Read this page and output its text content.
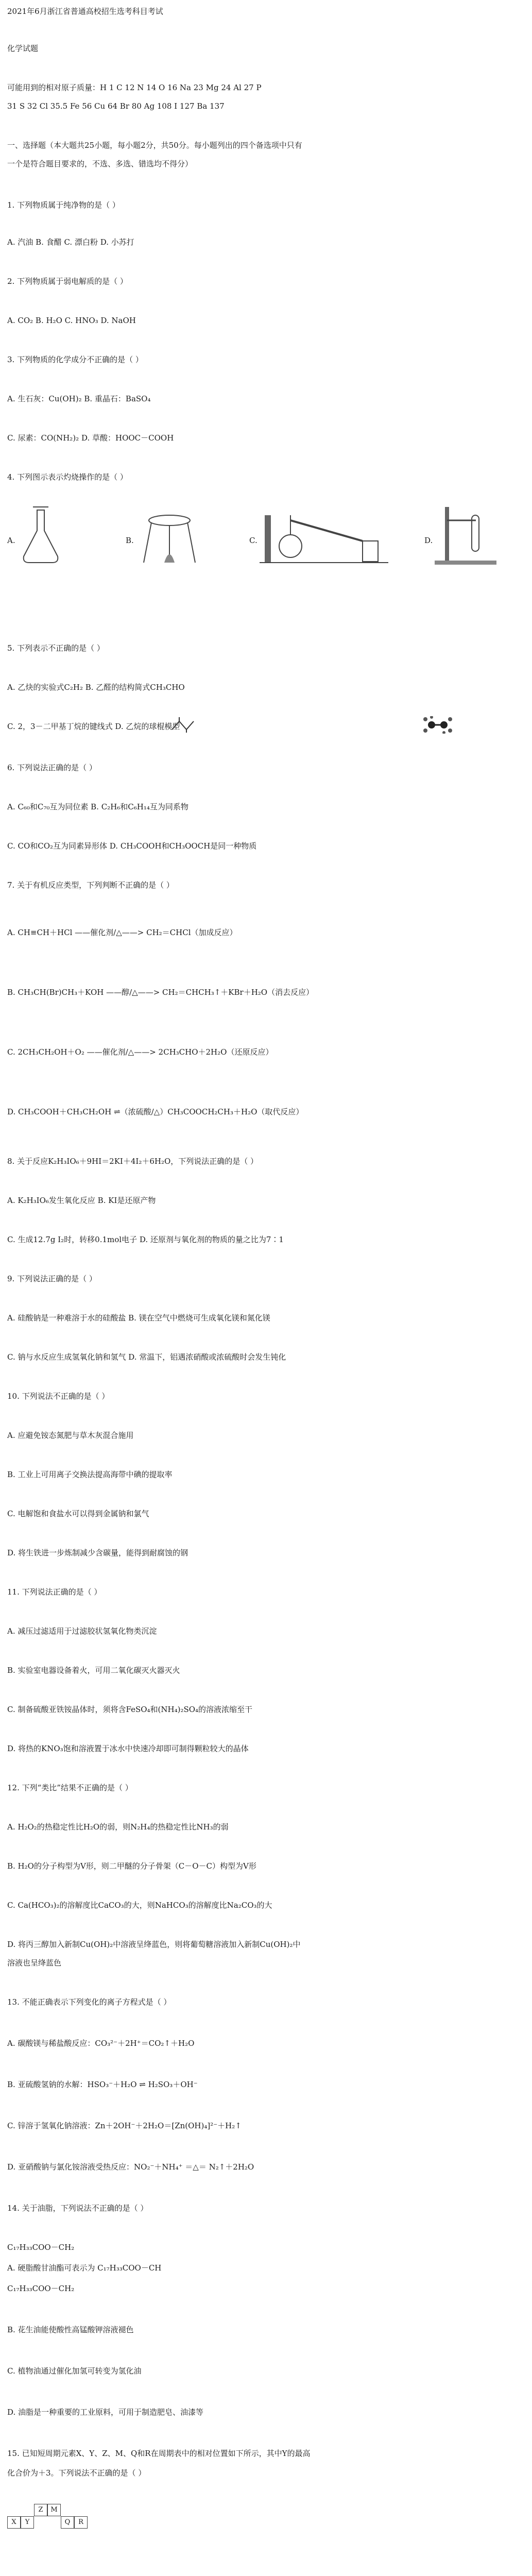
2021年6月浙江省普通高校招生选考科目考试
化学试题
可能用到的相对原子质量：H 1 C 12 N 14 O 16 Na 23 Mg 24 Al 27 P
31 S 32 Cl 35.5 Fe 56 Cu 64 Br 80 Ag 108 I 127 Ba 137
一、选择题（本大题共25小题，每小题2分，共50分。每小题列出的四个备选项中只有
一个是符合题目要求的，不选、多选、错选均不得分）
1. 下列物质属于纯净物的是（ ）
A. 汽油 B. 食醋 C. 漂白粉 D. 小苏打
2. 下列物质属于弱电解质的是（ ）
A. CO₂ B. H₂O C. HNO₃ D. NaOH
3. 下列物质的化学成分不正确的是（ ）
A. 生石灰：Cu(OH)₂ B. 重晶石：BaSO₄
C. 尿素：CO(NH₂)₂ D. 草酸：HOOC－COOH
4. 下列图示表示灼烧操作的是（ ）
5. 下列表示不正确的是（ ）
A. 乙炔的实验式C₂H₂ B. 乙醛的结构简式CH₃CHO
C. 2，3－二甲基丁烷的键线式 D. 乙烷的球棍模型
6. 下列说法正确的是（ ）
A. C₆₀和C₇₀互为同位素 B. C₂H₆和C₆H₁₄互为同系物
C. CO和CO₂互为同素异形体 D. CH₃COOH和CH₃OOCH是同一种物质
7. 关于有机反应类型，下列判断不正确的是（ ）
A. CH≡CH＋HCl ——催化剂/△——> CH₂＝CHCl（加成反应）
B. CH₃CH(Br)CH₃＋KOH ——醇/△——> CH₂＝CHCH₃↑＋KBr＋H₂O（消去反应）
C. 2CH₃CH₂OH＋O₂ ——催化剂/△——> 2CH₃CHO＋2H₂O（还原反应）
D. CH₃COOH＋CH₃CH₂OH ⇌（浓硫酸/△）CH₃COOCH₂CH₃＋H₂O（取代反应）
8. 关于反应K₂H₃IO₆＋9HI＝2KI＋4I₂＋6H₂O，下列说法正确的是（ ）
A. K₂H₃IO₆发生氧化反应 B. KI是还原产物
C. 生成12.7g I₂时，转移0.1mol电子 D. 还原剂与氧化剂的物质的量之比为7∶1
9. 下列说法正确的是（ ）
A. 硅酸钠是一种难溶于水的硅酸盐 B. 镁在空气中燃烧可生成氧化镁和氮化镁
C. 钠与水反应生成氢氧化钠和氢气 D. 常温下，铝遇浓硝酸或浓硫酸时会发生钝化
10. 下列说法不正确的是（ ）
A. 应避免铵态氮肥与草木灰混合施用
B. 工业上可用离子交换法提高海带中碘的提取率
C. 电解饱和食盐水可以得到金属钠和氯气
D. 将生铁进一步炼制减少含碳量，能得到耐腐蚀的钢
11. 下列说法正确的是（ ）
A. 减压过滤适用于过滤胶状氢氧化物类沉淀
B. 实验室电器设备着火，可用二氧化碳灭火器灭火
C. 制备硫酸亚铁铵晶体时，须将含FeSO₄和(NH₄)₂SO₄的溶液浓缩至干
D. 将热的KNO₃饱和溶液置于冰水中快速冷却即可制得颗粒较大的晶体
12. 下列“类比”结果不正确的是（ ）
A. H₂O₂的热稳定性比H₂O的弱，则N₂H₄的热稳定性比NH₃的弱
B. H₂O的分子构型为V形，则二甲醚的分子骨架（C－O－C）构型为V形
C. Ca(HCO₃)₂的溶解度比CaCO₃的大，则NaHCO₃的溶解度比Na₂CO₃的大
D. 将丙三醇加入新制Cu(OH)₂中溶液呈绛蓝色，则将葡萄糖溶液加入新制Cu(OH)₂中
溶液也呈绛蓝色
13. 不能正确表示下列变化的离子方程式是（ ）
A. 碳酸镁与稀盐酸反应：CO₃²⁻＋2H⁺＝CO₂↑＋H₂O
B. 亚硫酸氢钠的水解：HSO₃⁻＋H₂O ⇌ H₂SO₃＋OH⁻
C. 锌溶于氢氧化钠溶液：Zn＋2OH⁻＋2H₂O＝[Zn(OH)₄]²⁻＋H₂↑
D. 亚硝酸钠与氯化铵溶液受热反应：NO₂⁻＋NH₄⁺ ＝△＝ N₂↑＋2H₂O
14. 关于油脂，下列说法不正确的是（ ）
C₁₇H₃₃COO－CH₂
A. 硬脂酸甘油酯可表示为 C₁₇H₃₃COO－CH
C₁₇H₃₃COO－CH₂
B. 花生油能使酸性高锰酸钾溶液褪色
C. 植物油通过催化加氢可转变为氢化油
D. 油脂是一种重要的工业原料，可用于制造肥皂、油漆等
15. 已知短周期元素X、Y、Z、M、Q和R在周期表中的相对位置如下所示，其中Y的最高
化合价为＋3。下列说法不正确的是（ ）
A.	B.	C.	D.
Z	M
X	Y	Q	R
